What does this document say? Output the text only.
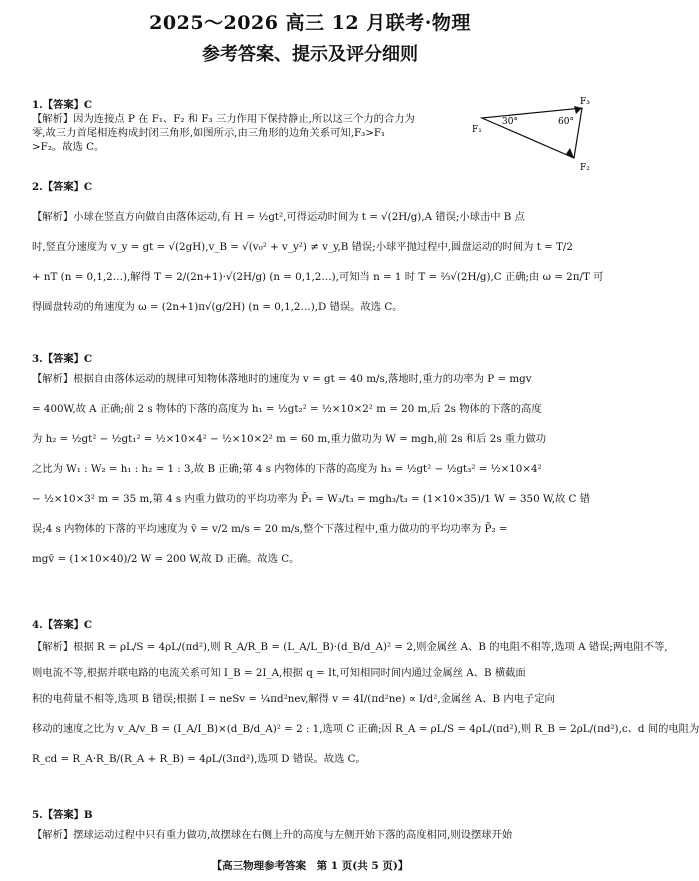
2025～2026 高三 12 月联考·物理
参考答案、提示及评分细则
1.【答案】C
【解析】因为连接点 P 在 F₁、F₂ 和 F₃ 三力作用下保持静止,所以这三个力的合力为
零,故三力首尾相连构成封闭三角形,如图所示,由三角形的边角关系可知,F₃>F₁
>F₂。故选 C。
F₁
F₃
F₂
30°	60°
2.【答案】C
【解析】小球在竖直方向做自由落体运动,有 H = ½gt²,可得运动时间为 t = √(2H/g),A 错误;小球击中 B 点
时,竖直分速度为 v_y = gt = √(2gH),v_B = √(v₀² + v_y²) ≠ v_y,B 错误;小球平抛过程中,圆盘运动的时间为 t = T/2
+ nT (n = 0,1,2…),解得 T = 2/(2n+1)·√(2H/g) (n = 0,1,2…),可知当 n = 1 时 T = ⅔√(2H/g),C 正确;由 ω = 2π/T 可
得圆盘转动的角速度为 ω = (2n+1)π√(g/2H) (n = 0,1,2…),D 错误。故选 C。
3.【答案】C
【解析】根据自由落体运动的规律可知物体落地时的速度为 v = gt = 40 m/s,落地时,重力的功率为 P = mgv
= 400W,故 A 正确;前 2 s 物体的下落的高度为 h₁ = ½gt₂² = ½×10×2² m = 20 m,后 2s 物体的下落的高度
为 h₂ = ½gt² − ½gt₁² = ½×10×4² − ½×10×2² m = 60 m,重力做功为 W = mgh,前 2s 和后 2s 重力做功
之比为 W₁ : W₂ = h₁ : h₂ = 1 : 3,故 B 正确;第 4 s 内物体的下落的高度为 h₃ = ½gt² − ½gt₃² = ½×10×4²
− ½×10×3² m = 35 m,第 4 s 内重力做功的平均功率为 P̄₁ = W₃/t₃ = mgh₃/t₃ = (1×10×35)/1 W = 350 W,故 C 错
误;4 s 内物体的下落的平均速度为 v̄ = v/2 m/s = 20 m/s,整个下落过程中,重力做功的平均功率为 P̄₂ =
mgv̄ = (1×10×40)/2 W = 200 W,故 D 正确。故选 C。
4.【答案】C
【解析】根据 R = ρL/S = 4ρL/(πd²),则 R_A/R_B = (L_A/L_B)·(d_B/d_A)² = 2,则金属丝 A、B 的电阻不相等,选项 A 错误;两电阻不等,
则电流不等,根据并联电路的电流关系可知 I_B = 2I_A,根据 q = It,可知相同时间内通过金属丝 A、B 横截面
积的电荷量不相等,选项 B 错误;根据 I = neSv = ¼πd²nev,解得 v = 4I/(πd²ne) ∝ I/d²,金属丝 A、B 内电子定向
移动的速度之比为 v_A/v_B = (I_A/I_B)×(d_B/d_A)² = 2 : 1,选项 C 正确;因 R_A = ρL/S = 4ρL/(πd²),则 R_B = 2ρL/(πd²),c、d 间的电阻为
R_cd = R_A·R_B/(R_A + R_B) = 4ρL/(3πd²),选项 D 错误。故选 C。
5.【答案】B
【解析】摆球运动过程中只有重力做功,故摆球在右侧上升的高度与左侧开始下落的高度相同,则设摆球开始
【高三物理参考答案　第 1 页(共 5 页)】
